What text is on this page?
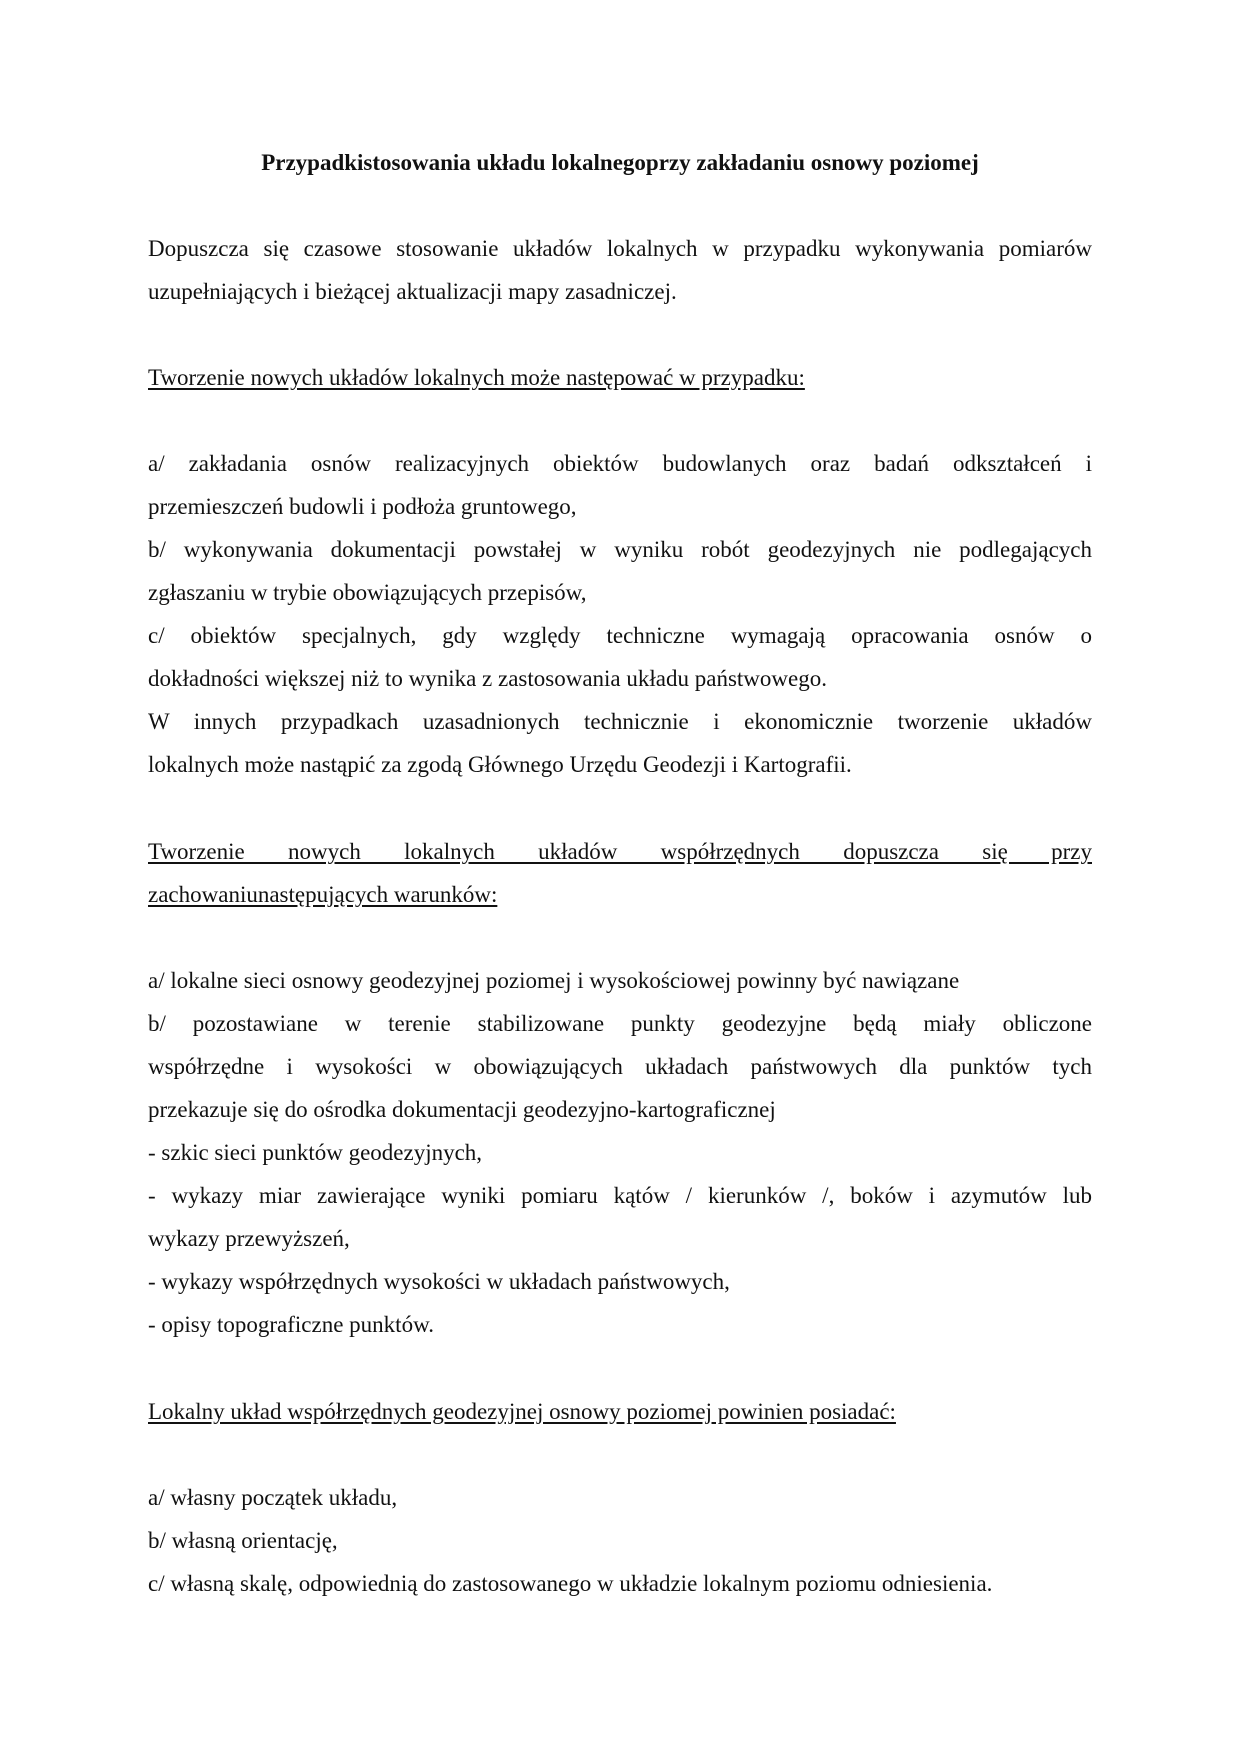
Przypadkistosowania układu lokalnegoprzy zakładaniu osnowy poziomej
Dopuszcza się czasowe stosowanie układów lokalnych w przypadku wykonywania pomiarów
uzupełniających i bieżącej aktualizacji mapy zasadniczej.
Tworzenie nowych układów lokalnych może następować w przypadku:
a/ zakładania osnów realizacyjnych obiektów budowlanych oraz badań odkształceń i
przemieszczeń budowli i podłoża gruntowego,
b/ wykonywania dokumentacji powstałej w wyniku robót geodezyjnych nie podlegających
zgłaszaniu w trybie obowiązujących przepisów,
c/ obiektów specjalnych, gdy względy techniczne wymagają opracowania osnów o
dokładności większej niż to wynika z zastosowania układu państwowego.
W innych przypadkach uzasadnionych technicznie i ekonomicznie tworzenie układów
lokalnych może nastąpić za zgodą Głównego Urzędu Geodezji i Kartografii.
Tworzenie nowych lokalnych układów współrzędnych dopuszcza się przy
zachowaniunastępujących warunków:
a/ lokalne sieci osnowy geodezyjnej poziomej i wysokościowej powinny być nawiązane
b/ pozostawiane w terenie stabilizowane punkty geodezyjne będą miały obliczone
współrzędne i wysokości w obowiązujących układach państwowych dla punktów tych
przekazuje się do ośrodka dokumentacji geodezyjno-kartograficznej
- szkic sieci punktów geodezyjnych,
- wykazy miar zawierające wyniki pomiaru kątów / kierunków /, boków i azymutów lub
wykazy przewyższeń,
- wykazy współrzędnych wysokości w układach państwowych,
- opisy topograficzne punktów.
Lokalny układ współrzędnych geodezyjnej osnowy poziomej powinien posiadać:
a/ własny początek układu,
b/ własną orientację,
c/ własną skalę, odpowiednią do zastosowanego w układzie lokalnym poziomu odniesienia.
